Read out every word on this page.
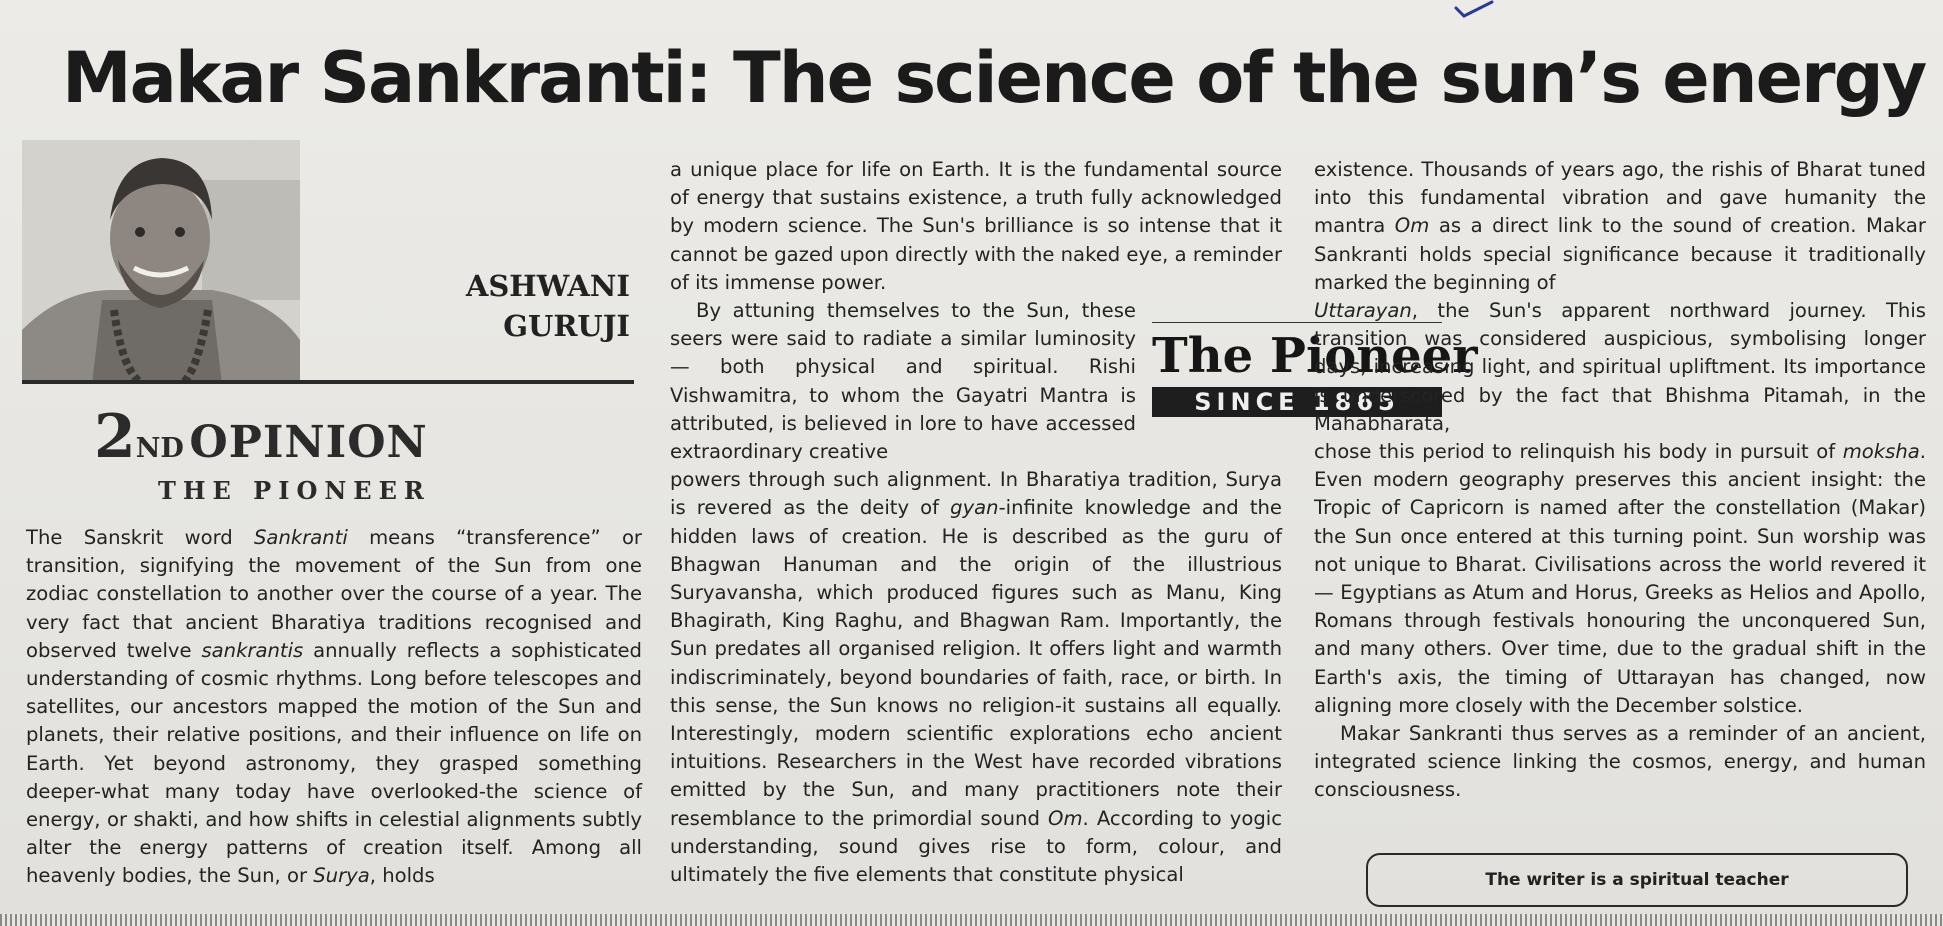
Makar Sankranti: The science of the sun’s energy
ASHWANI
GURUJI
2ND OPINION
THE PIONEER

The Sanskrit word Sankranti means “transference” or transition, signifying the movement of the Sun from one zodiac constellation to another over the course of a year. The very fact that ancient Bharatiya traditions recognised and observed twelve sankrantis annually reflects a sophisticated understanding of cosmic rhythms. Long before telescopes and satellites, our ancestors mapped the motion of the Sun and planets, their relative positions, and their influence on life on Earth. Yet beyond astronomy, they grasped something deeper-what many today have overlooked-the science of energy, or shakti, and how shifts in celestial alignments subtly alter the energy patterns of creation itself. Among all heavenly bodies, the Sun, or Surya, holds

a unique place for life on Earth. It is the fundamental source of energy that sustains existence, a truth fully acknowledged by modern science. The Sun's brilliance is so intense that it cannot be gazed upon directly with the naked eye, a reminder of its immense power.

By attuning themselves to the Sun, these seers were said to radiate a similar luminosity — both physical and spiritual. Rishi Vishwamitra, to whom the Gayatri Mantra is attributed, is believed in lore to have accessed extraordinary creative

powers through such alignment. In Bharatiya tradition, Surya is revered as the deity of gyan-infinite knowledge and the hidden laws of creation. He is described as the guru of Bhagwan Hanuman and the origin of the illustrious Suryavansha, which produced figures such as Manu, King Bhagirath, King Raghu, and Bhagwan Ram. Importantly, the Sun predates all organised religion. It offers light and warmth indiscriminately, beyond boundaries of faith, race, or birth. In this sense, the Sun knows no religion-it sustains all equally. Interestingly, modern scientific explorations echo ancient intuitions. Researchers in the West have recorded vibrations emitted by the Sun, and many practitioners note their resemblance to the primordial sound Om. According to yogic understanding, sound gives rise to form, colour, and ultimately the five elements that constitute physical

The Pioneer
SINCE 1865

existence. Thousands of years ago, the rishis of Bharat tuned into this fundamental vibration and gave humanity the mantra Om as a direct link to the sound of creation. Makar Sankranti holds special significance because it traditionally marked the beginning of

Uttarayan, the Sun's apparent northward journey. This transition was considered auspicious, symbolising longer days, increasing light, and spiritual upliftment. Its importance is underscored by the fact that Bhishma Pitamah, in the Mahabharata,

chose this period to relinquish his body in pursuit of moksha. Even modern geography preserves this ancient insight: the Tropic of Capricorn is named after the constellation (Makar) the Sun once entered at this turning point. Sun worship was not unique to Bharat. Civilisations across the world revered it — Egyptians as Atum and Horus, Greeks as Helios and Apollo, Romans through festivals honouring the unconquered Sun, and many others. Over time, due to the gradual shift in the Earth's axis, the timing of Uttarayan has changed, now aligning more closely with the December solstice.

Makar Sankranti thus serves as a reminder of an ancient, integrated science linking the cosmos, energy, and human consciousness.

The writer is a spiritual teacher
